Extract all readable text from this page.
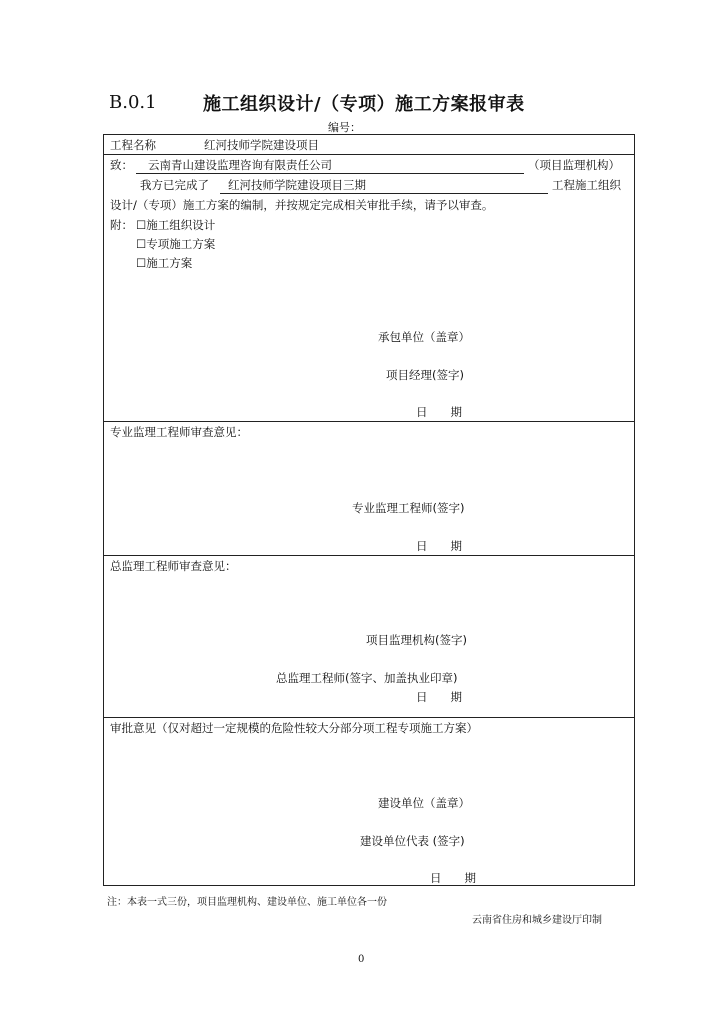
B.0.1	施工组织设计/（专项）施工方案报审表
编号：
工程名称	红河技师学院建设项目
致： 云南青山建设监理咨询有限责任公司	（项目监理机构）
我方已完成了 红河技师学院建设项目三期	工程施工组织
设计/（专项）施工方案的编制，并按规定完成相关审批手续，请予以审查。
附： ☐施工组织设计
☐专项施工方案
☐施工方案
承包单位（盖章）
项目经理(签字)
日　　期
专业监理工程师审查意见：
专业监理工程师(签字)
日　　期
总监理工程师审查意见：
项目监理机构(签字)
总监理工程师(签字、加盖执业印章)
日　　期
审批意见（仅对超过一定规模的危险性较大分部分项工程专项施工方案）
建设单位（盖章）
建设单位代表 (签字)
日　　期
注：本表一式三份，项目监理机构、建设单位、施工单位各一份
云南省住房和城乡建设厅印制
0
